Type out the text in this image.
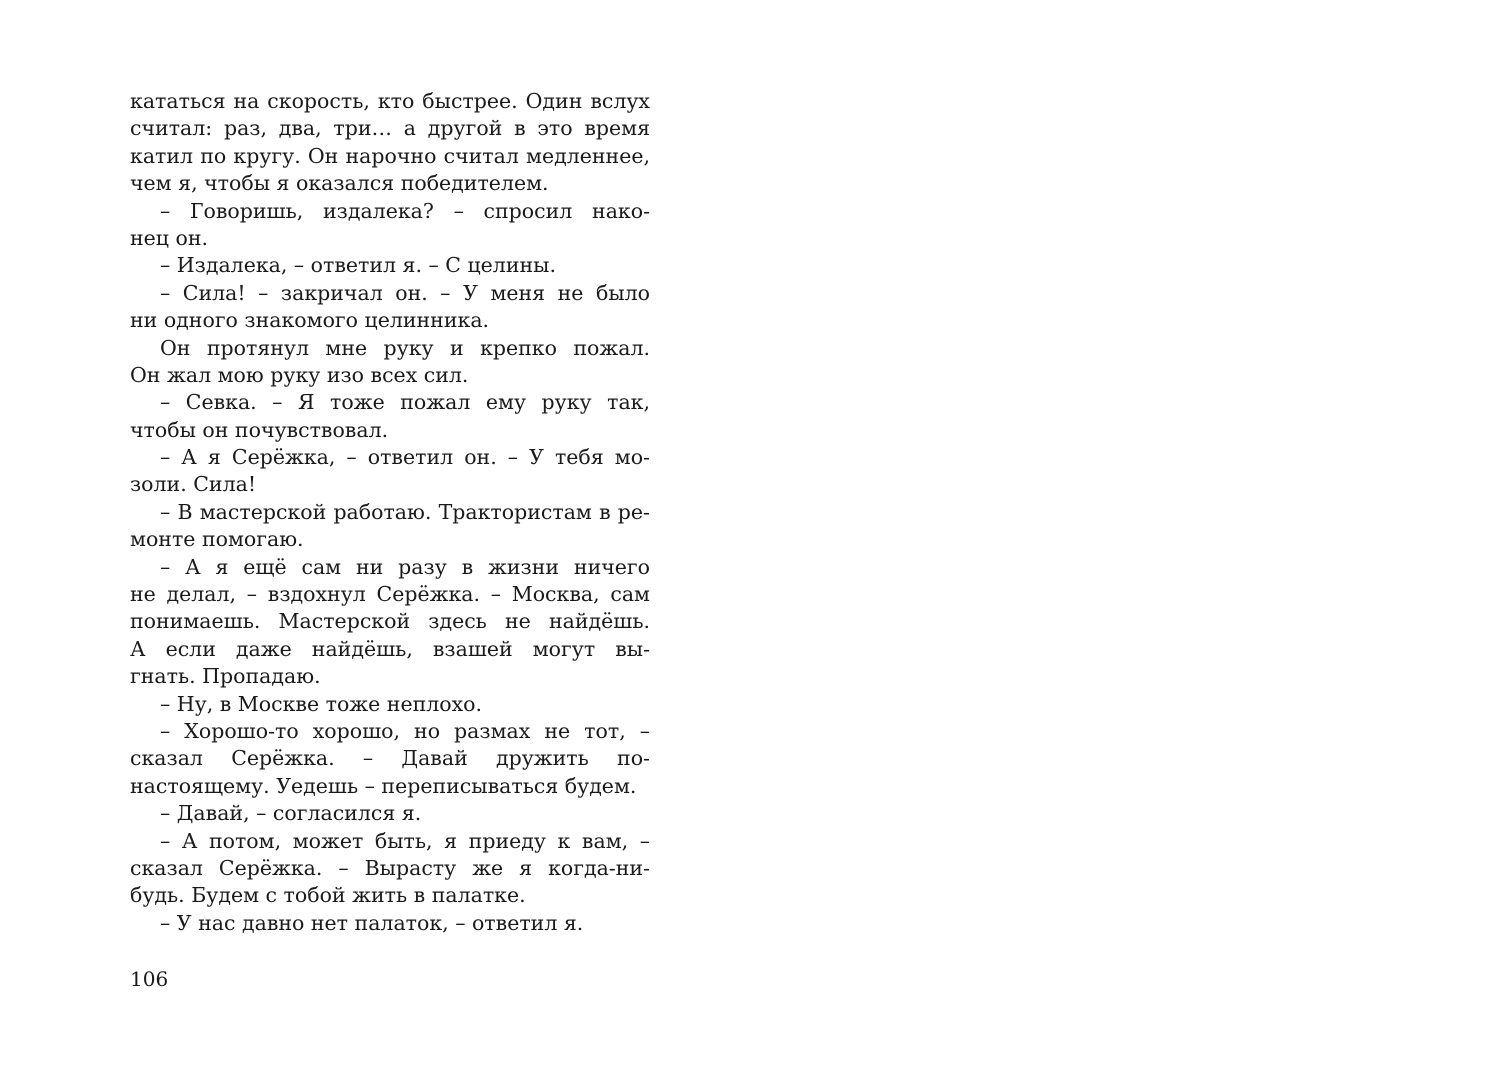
кататься на скорость, кто быстрее. Один вслух
считал: раз, два, три… а другой в это время
катил по кругу. Он нарочно считал медленнее,
чем я, чтобы я оказался победителем.
– Говоришь, издалека? – спросил нако-
нец он.
– Издалека, – ответил я. – С целины.
– Сила! – закричал он. – У меня не было
ни одного знакомого целинника.
Он протянул мне руку и крепко пожал.
Он жал мою руку изо всех сил.
– Севка. – Я тоже пожал ему руку так,
чтобы он почувствовал.
– А я Серёжка, – ответил он. – У тебя мо-
золи. Сила!
– В мастерской работаю. Трактористам в ре-
монте помогаю.
– А я ещё сам ни разу в жизни ничего
не делал, – вздохнул Серёжка. – Москва, сам
понимаешь. Мастерской здесь не найдёшь.
А если даже найдёшь, взашей могут вы-
гнать. Пропадаю.
– Ну, в Москве тоже неплохо.
– Хорошо-то хорошо, но размах не тот, –
сказал Серёжка. – Давай дружить по-
настоящему. Уедешь – переписываться будем.
– Давай, – согласился я.
– А потом, может быть, я приеду к вам, –
сказал Серёжка. – Вырасту же я когда-ни-
будь. Будем с тобой жить в палатке.
– У нас давно нет палаток, – ответил я.
106
